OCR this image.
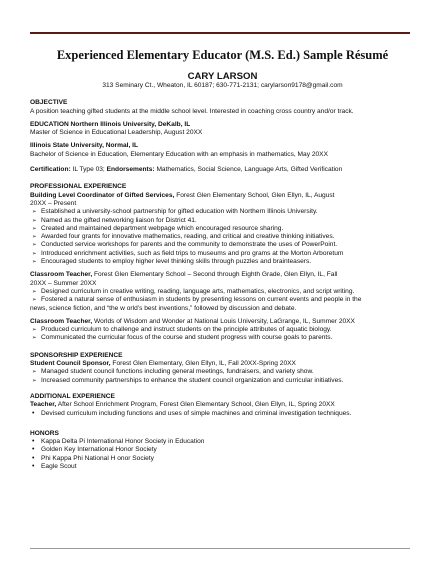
Experienced Elementary Educator (M.S. Ed.) Sample Résumé

CARY LARSON

313 Seminary Ct., Wheaton, IL 60187; 630-771-2131; carylarson9178@gmail.com

OBJECTIVE

A position teaching gifted students at the middle school level. Interested in coaching cross country and/or track.

EDUCATION Northern Illinois University, DeKalb, IL

Master of Science in Educational Leadership, August 20XX

Illinois State University, Normal, IL

Bachelor of Science in Education, Elementary Education with an emphasis in mathematics, May 20XX

Certification: IL Type 03; Endorsements: Mathematics, Social Science, Language Arts, Gifted Verification

PROFESSIONAL EXPERIENCE

Building Level Coordinator of Gifted Services, Forest Glen Elementary School, Glen Ellyn, IL, August

20XX – Present

➢ Established a university-school partnership for gifted education with Northern Illinois University.
➢ Named as the gifted networking liaison for District 41.
➢ Created and maintained department webpage which encouraged resource sharing.
➢ Awarded four grants for innovative mathematics, reading, and critical and creative thinking initiatives.
➢ Conducted service workshops for parents and the community to demonstrate the uses of PowerPoint.
➢ Introduced enrichment activities, such as field trips to museums and pro grams at the Morton Arboretum
➢ Encouraged students to employ higher level thinking skills through puzzles and brainteasers.

Classroom Teacher, Forest Glen Elementary School – Second through Eighth Grade, Glen Ellyn, IL, Fall

20XX – Summer 20XX

➢ Designed curriculum in creative writing, reading, language arts, mathematics, electronics, and script writing.
➢ Fostered a natural sense of enthusiasm in students by presenting lessons on current events and people in the

news, science fiction, and “the w orld’s best inventions,” followed by discussion and debate.

Classroom Teacher, Worlds of Wisdom and Wonder at National Louis University, LaGrange, IL, Summer 20XX

➢ Produced curriculum to challenge and instruct students on the principle attributes of aquatic biology.
➢ Communicated the curricular focus of the course and student progress with course goals to parents.

SPONSORSHIP EXPERIENCE

Student Council Sponsor, Forest Glen Elementary, Glen Ellyn, IL, Fall 20XX-Spring 20XX

➢ Managed student council functions including general meetings, fundraisers, and variety show.
➢ Increased community partnerships to enhance the student council organization and curricular initiatives.

ADDITIONAL EXPERIENCE

Teacher, After School Enrichment Program, Forest Glen Elementary School, Glen Ellyn, IL, Spring 20XX

• Devised curriculum including functions and uses of simple machines and criminal investigation techniques.

HONORS

• Kappa Delta Pi International Honor Society in Education
• Golden Key International Honor Society
• Phi Kappa Phi National H onor Society
• Eagle Scout
